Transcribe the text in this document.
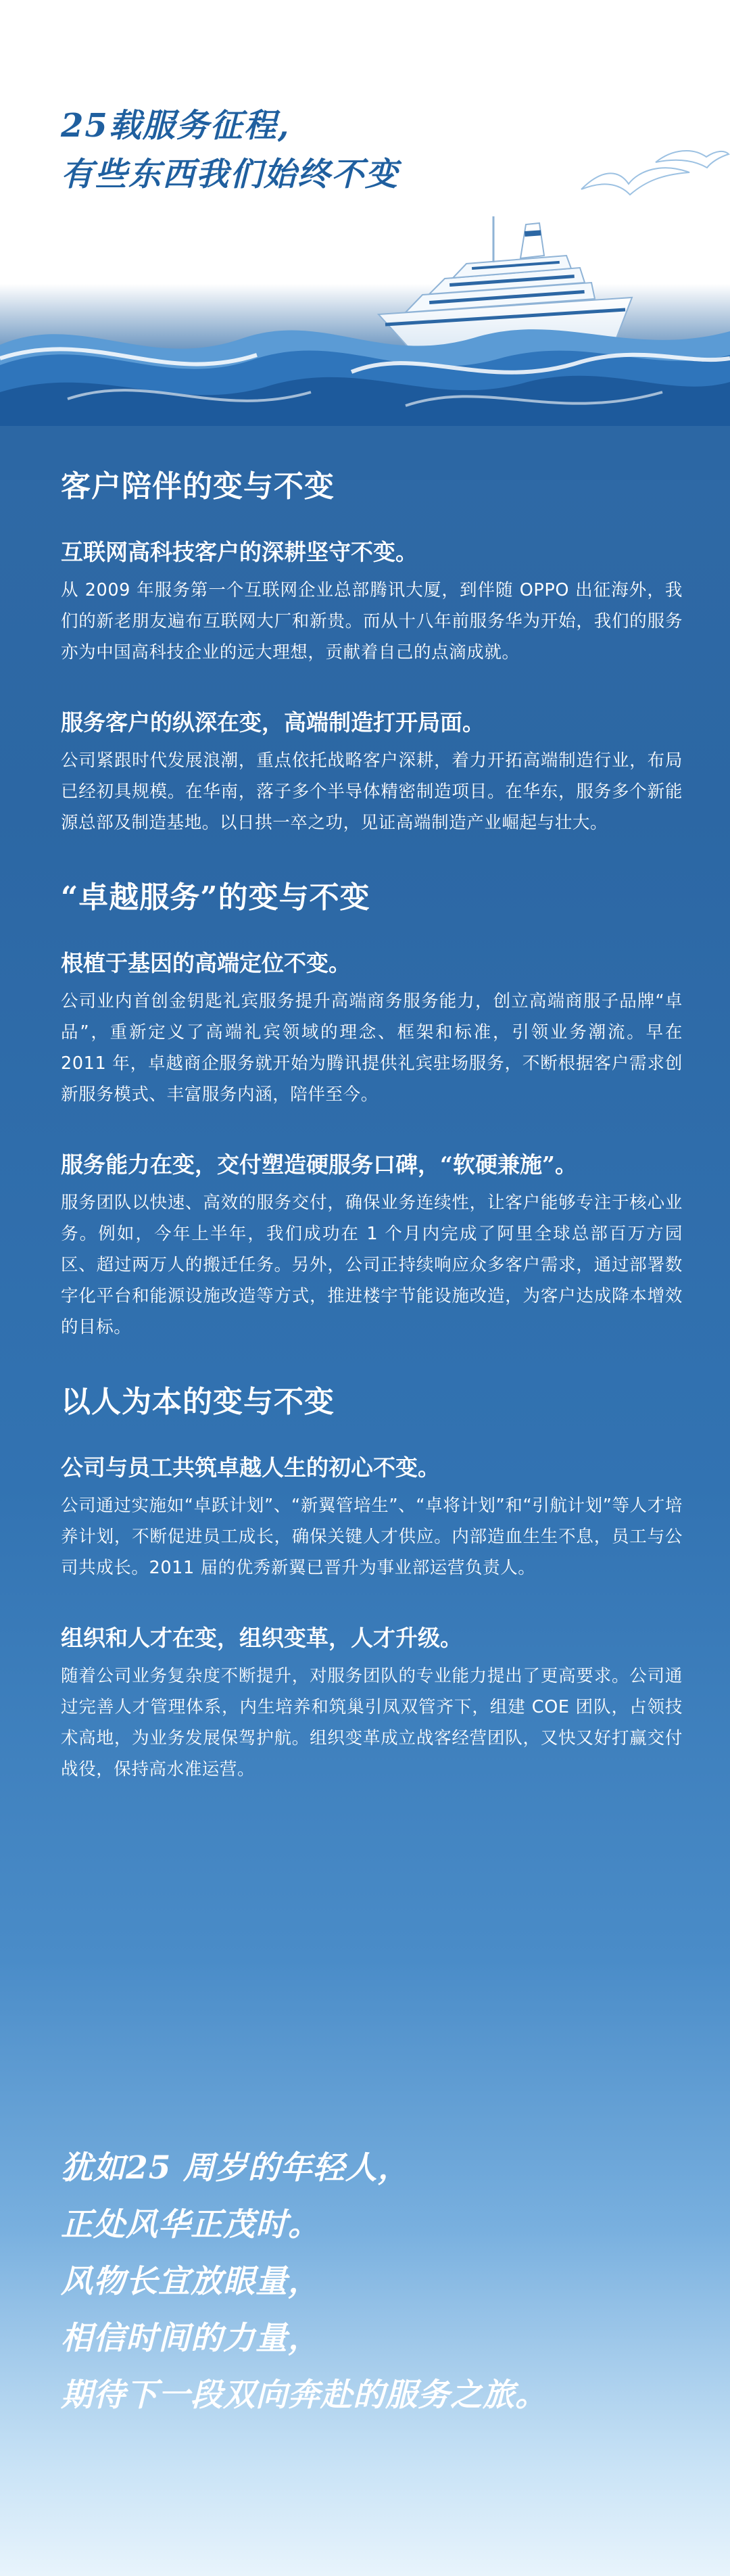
25载服务征程,
有些东西我们始终不变
客户陪伴的变与不变
互联网高科技客户的深耕坚守不变。
从 2009 年服务第一个互联网企业总部腾讯大厦，到伴随 OPPO 出征海外，我们的新老朋友遍布互联网大厂和新贵。而从十八年前服务华为开始，我们的服务亦为中国高科技企业的远大理想，贡献着自己的点滴成就。
服务客户的纵深在变，高端制造打开局面。
公司紧跟时代发展浪潮，重点依托战略客户深耕，着力开拓高端制造行业，布局已经初具规模。在华南，落子多个半导体精密制造项目。在华东，服务多个新能源总部及制造基地。以日拱一卒之功，见证高端制造产业崛起与壮大。
“卓越服务”的变与不变
根植于基因的高端定位不变。
公司业内首创金钥匙礼宾服务提升高端商务服务能力，创立高端商服子品牌“卓品”，重新定义了高端礼宾领域的理念、框架和标准，引领业务潮流。早在 2011 年，卓越商企服务就开始为腾讯提供礼宾驻场服务，不断根据客户需求创新服务模式、丰富服务内涵，陪伴至今。
服务能力在变，交付塑造硬服务口碑，“软硬兼施”。
服务团队以快速、高效的服务交付，确保业务连续性，让客户能够专注于核心业务。例如，今年上半年，我们成功在 1 个月内完成了阿里全球总部百万方园区、超过两万人的搬迁任务。另外，公司正持续响应众多客户需求，通过部署数字化平台和能源设施改造等方式，推进楼宇节能设施改造，为客户达成降本增效的目标。
以人为本的变与不变
公司与员工共筑卓越人生的初心不变。
公司通过实施如“卓跃计划”、“新翼管培生”、“卓将计划”和“引航计划”等人才培养计划，不断促进员工成长，确保关键人才供应。内部造血生生不息，员工与公司共成长。2011 届的优秀新翼已晋升为事业部运营负责人。
组织和人才在变，组织变革，人才升级。
随着公司业务复杂度不断提升，对服务团队的专业能力提出了更高要求。公司通过完善人才管理体系，内生培养和筑巢引凤双管齐下，组建 COE 团队，占领技术高地，为业务发展保驾护航。组织变革成立战客经营团队，又快又好打赢交付战役，保持高水准运营。
犹如25 周岁的年轻人，
正处风华正茂时。
风物长宜放眼量，
相信时间的力量，
期待下一段双向奔赴的服务之旅。
